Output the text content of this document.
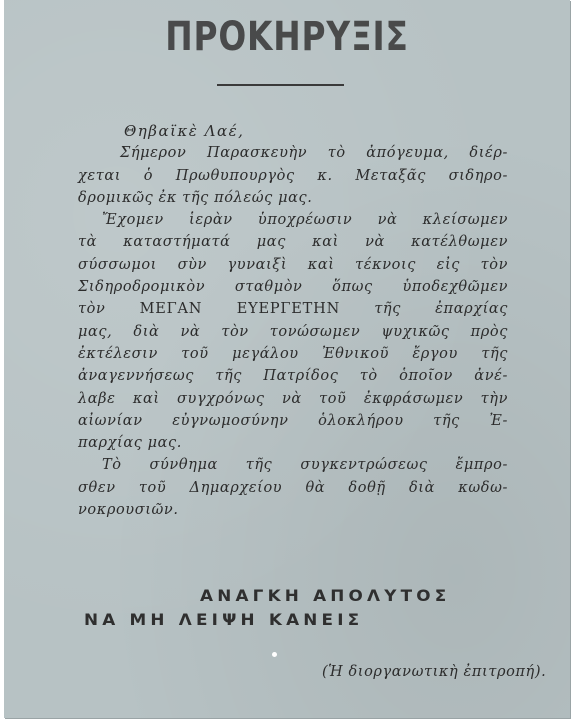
ΠΡΟΚΗΡΥΞΙΣ
Θηβαϊκὲ Λαέ,
Σήμερον Παρασκευὴν τὸ ἀπόγευμα, διέρ-
χεται ὁ Πρωθυπουργὸς κ. Μεταξᾶς σιδηρο-
δρομικῶς ἐκ τῆς πόλεώς μας.
Ἔχομεν ἱερὰν ὑποχρέωσιν νὰ κλείσωμεν
τὰ καταστήματά μας καὶ νὰ κατέλθωμεν
σύσσωμοι σὺν γυναιξὶ καὶ τέκνοις εἰς τὸν
Σιδηροδρομικὸν σταθμὸν ὅπως ὑποδεχθῶμεν
τὸν ΜΕΓΑΝ ΕΥΕΡΓΕΤΗΝ τῆς ἐπαρχίας
μας, διὰ νὰ τὸν τονώσωμεν ψυχικῶς πρὸς
ἐκτέλεσιν τοῦ μεγάλου Ἐθνικοῦ ἔργου τῆς
ἀναγεννήσεως τῆς Πατρίδος τὸ ὁποῖον ἀνέ-
λαβε καὶ συγχρόνως νὰ τοῦ ἐκφράσωμεν τὴν
αἰωνίαν εὐγνωμοσύνην ὁλοκλήρου τῆς Ἐ-
παρχίας μας.
Τὸ σύνθημα τῆς συγκεντρώσεως ἔμπρο-
σθεν τοῦ Δημαρχείου θὰ δοθῇ διὰ κωδω-
νοκρουσιῶν.
ΑΝΑΓΚΗ ΑΠΟΛΥΤΟΣ
ΝΑ ΜΗ ΛΕΙΨΗ ΚΑΝΕΙΣ
(Ἡ διοργανωτικὴ ἐπιτροπή).
